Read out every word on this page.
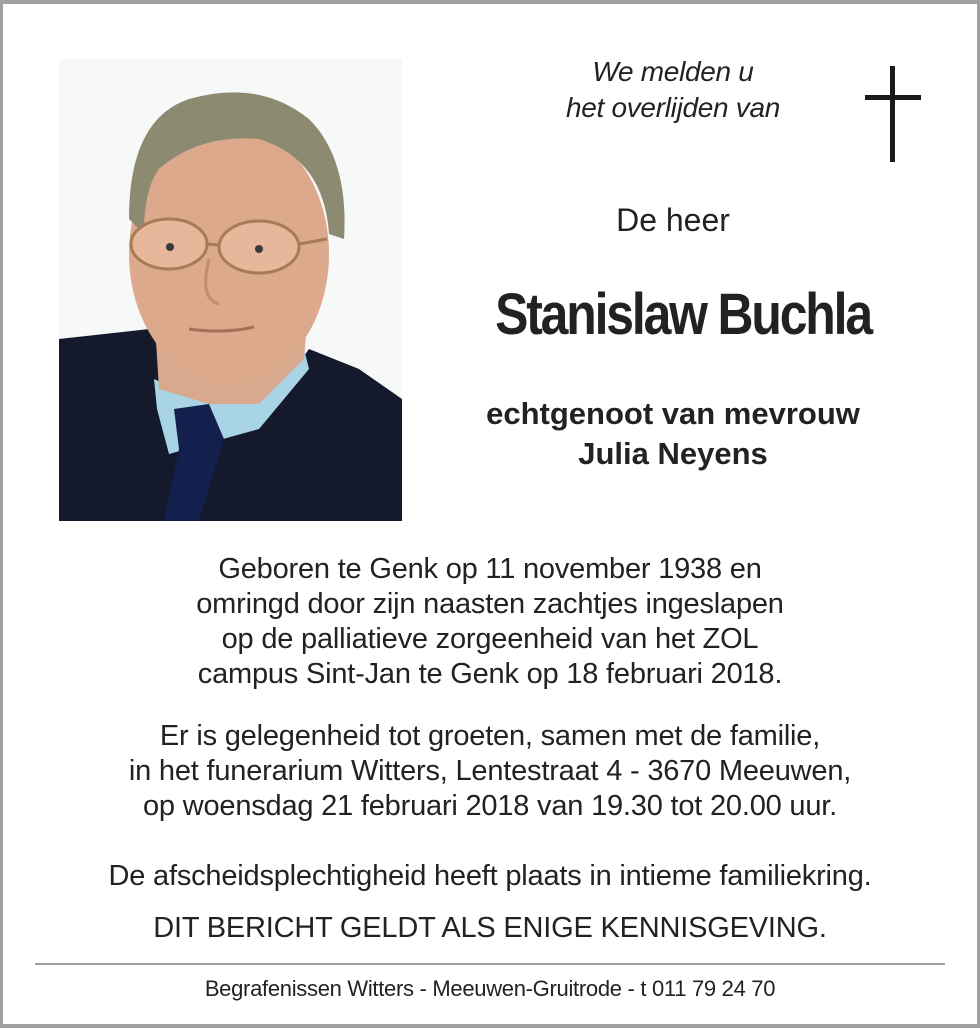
We melden u
het overlijden van
De heer
Stanislaw Buchla
echtgenoot van mevrouw
Julia Neyens
Geboren te Genk op 11 november 1938 en
omringd door zijn naasten zachtjes ingeslapen
op de palliatieve zorgeenheid van het ZOL
campus Sint-Jan te Genk op 18 februari 2018.
Er is gelegenheid tot groeten, samen met de familie,
in het funerarium Witters, Lentestraat 4 - 3670 Meeuwen,
op woensdag 21 februari 2018 van 19.30 tot 20.00 uur.
De afscheidsplechtigheid heeft plaats in intieme familiekring.
DIT BERICHT GELDT ALS ENIGE KENNISGEVING.
Begrafenissen Witters - Meeuwen-Gruitrode - t 011 79 24 70
